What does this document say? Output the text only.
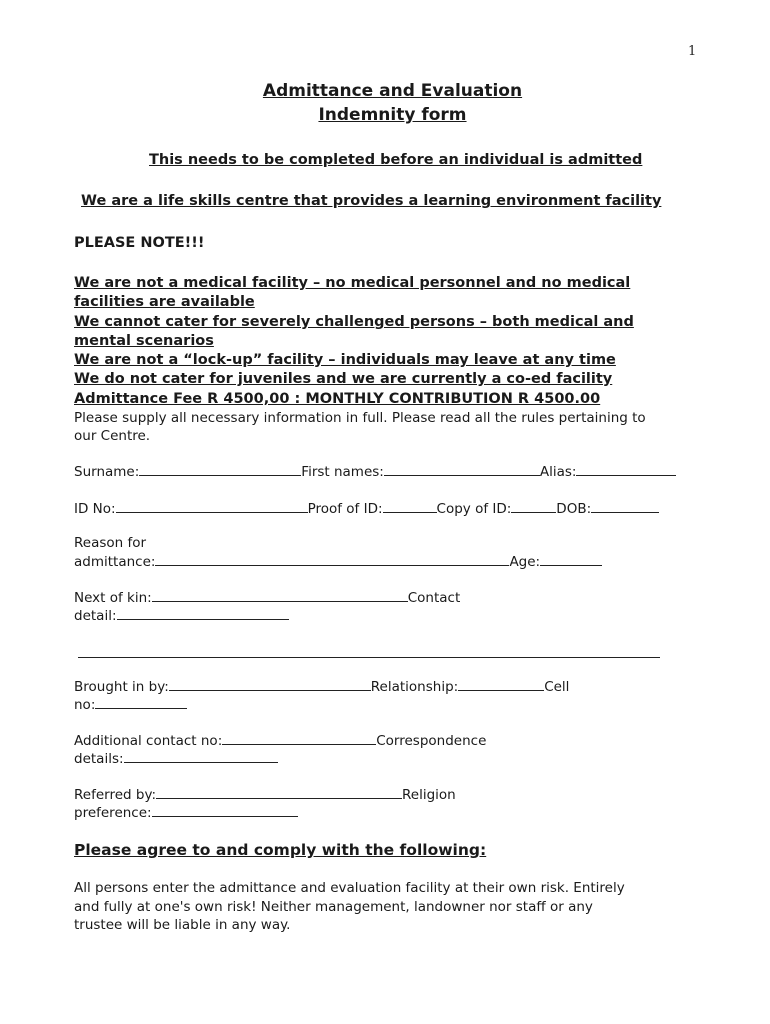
1
Admittance and Evaluation
Indemnity form
This needs to be completed before an individual is admitted
We are a life skills centre that provides a learning environment facility
PLEASE NOTE!!!
We are not a medical facility – no medical personnel and no medical
facilities are available
We cannot cater for severely challenged persons – both medical and
mental scenarios
We are not a “lock-up” facility – individuals may leave at any time
We do not cater for juveniles and we are currently a co-ed facility
Admittance Fee R 4500,00 : MONTHLY CONTRIBUTION R 4500.00
Please supply all necessary information in full. Please read all the rules pertaining to
our Centre.
Surname:	First names:	Alias:
ID No:	Proof of ID:	Copy of ID:	DOB:
Reason for
admittance:	Age:
Next of kin:	Contact
detail:
Brought in by:	Relationship:	Cell
no:
Additional contact no:	Correspondence
details:
Referred by:	Religion
preference:
Please agree to and comply with the following:
All persons enter the admittance and evaluation facility at their own risk. Entirely
and fully at one's own risk! Neither management, landowner nor staff or any
trustee will be liable in any way.
